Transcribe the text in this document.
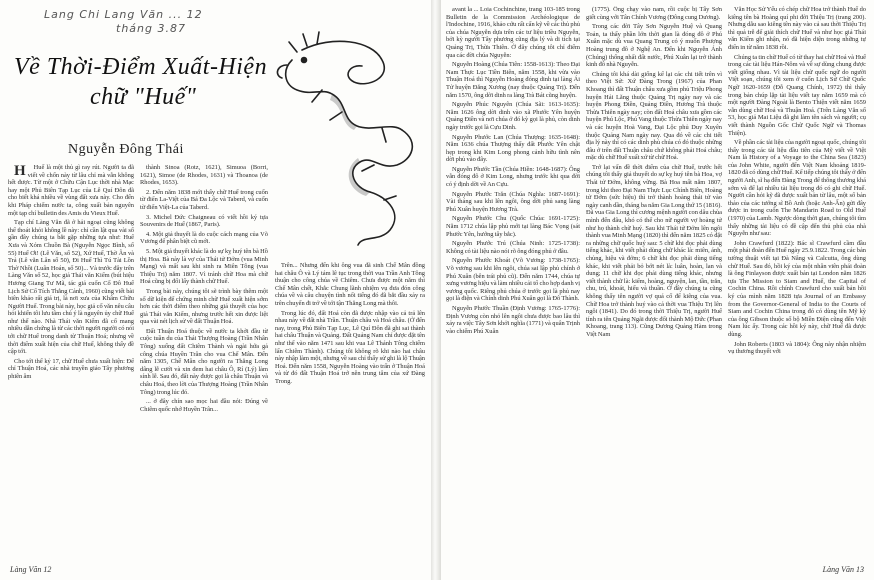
Lang Chi Lang Văn ... 12
tháng 3.87
Về Thời-Điểm Xuất-Hiện
chữ "Huế"
Nguyễn Đông Thái

H Huế là một thủ gì ray rút. Người ta đã viết về chốn này từ lâu chỉ mà vẫn không hết được. Từ một ở Chữu Cận Lục thời nhà Mạc hay một Phủ Biên Tạp Lục của Lê Quí Đôn đã cho biết khá nhiều về vùng đất xưa này. Cho đến khi Pháp chiếm nước ta, công xuất bản nguyên một tạp chí bulletin des Amis du Vieux Huế.

Tạp chí Làng Văn đã ở hải ngoại cũng không thể thoát khỏi không lề này: chỉ cần lật qua vài số gần đây chúng ta bắt gặp những tựa như: Huế Xưa và Xóm Chuồn Bà (Nguyễn Ngọc Bình, số 55) Huế Ơi! (Lê Văn, số 52), Xứ Huế, Thờ Ân và Trả (Lê văn Lân số 50), Đi Huế Thì Tú Tài Lồn Thờ Nhồi (Luân Hoán, số 50)... Và trước đây trên Làng Văn số 52, học giả Thái văn Kiểm (bút hiệu Hương Giang Tư Mã, tác giả cuốn Cố Đô Huế Lịch Sử Cổ Tích Thắng Cảnh, 1960) cũng viết bài biên khảo rất giá trị, là nơi xưa của Khâm Chữu Người Huế. Trong bài này, học giả cố văn nêu câu hỏi khiến tôi lưu tâm chú ý là nguyên ủy chữ Huế như thế nào. Nhà Thái văn Kiểm đã cố mang nhiều dẫn chứng là từ các thời người người có nói tới chữ Huế trong danh từ Thuận Hoá; nhưng về thời điểm xuất hiện của chữ Huế, không thấy đề cập tới.

Cho tới thế kỷ 17, chữ Huế chưa xuất hiện: Để chỉ Thuận Hoá, các nhà truyền giáo Tây phương phiên âm

thành Sinoa (Rotz, 1621), Simuoa (Borri, 1621), Simoe (de Rhodes, 1631) và Thoanoa (de Rhodes, 1653).

2. Đến năm 1838 mới thấy chữ Huế trong cuốn từ điển La-Việt của Bá Đa Lộc và Taberd, và cuốn từ điển Việt-La của Taberd.

3. Michel Đức Chaigneau có viết hồi ký tựa Souvenirs de Huế (1867, Paris).

4. Một giả thuyết là do cuộc cách mạng của Võ Vương để phân biệt cũ mới.

5. Một giả thuyết khác là do sự kỵ huý tên bà Hồ thị Hoa. Bà này là vợ của Thái tử Đởm (vua Minh Mạng) và mất sau khi sinh ra Miên Tông (vua Thiệu Trị) năm 1807. Vì tránh chữ Hoa mà chữ Hoá cũng bị đổi lấy thành chữ Huế.

Trong bài này, chúng tôi sẽ trình bày thêm một số dữ kiện để chứng minh chữ Huế xuất hiện sớm hơn các thời điểm theo những giả thuyết của học giả Thái văn Kiểm, nhưng trước hết xin được liệt qua vài nét lịch sử về đất Thuận Hoá.

Đất Thuận Hoá thuộc về nước ta khởi đầu từ cuộc tuần du của Thái Thượng Hoàng (Trần Nhân Tông) xuống đất Chiêm Thành và ngài hứa gả công chúa Huyền Trân cho vua Chế Mân. Đến năm 1305, Chế Mân cho người ra Thăng Long dâng lễ cưới và xin đem hai châu Ô, Rí (Lý) làm sính lễ. Sau đó, đất này được gọi là châu Thuận và châu Hoá, theo lời của Thượng Hoàng (Trần Nhân Tông) trong lúc đó.

... ở đây chín sao mọc hai đầu nói: Đúng về Chiêm quốc nhớ Huyền Trân...

Trên... Nhưng đến khi ông vua đã sinh Chế Mân đồng hai châu Ô và Lý tám lê tục trong thời vua Trần Anh Tông thuận cho công chúa về Chiêm. Chưa được một năm thì Chế Mân chết, Khắc Chung lãnh nhiệm vụ đưa đón công chúa về và câu chuyện tình nổi tiếng đó đã bắt đầu xảy ra trên chuyến đi trở về tới tận Thăng Long mà thôi.

Trong lúc đó, đất Hoá còn đã được nhập vào cả trả lên nhau này về đất nhà Trần. Thuận châu và Hoá châu. (Ở đến nay, trong Phủ Biên Tạp Lục, Lê Quí Đôn đã ghi sai thành hai châu Thuận và Quảng. Đất Quảng Nam chỉ được đặt tên như thế vào năm 1471 sau khi vua Lê Thánh Tông chiếm lấn Chiêm Thành). Chúng tôi không rõ khi nào hai châu này nhập làm một, nhưng về sau chỉ thấy sử ghi là lộ Thuận Hoá. Đến năm 1558, Nguyễn Hoàng vào trấn ở Thuận Hoá và từ đó đất Thuận Hoá trở nên trung tâm của xứ Đàng Trong.

Làng Văn 12

avant la ... Loia Cochinchine, trang 103-185 trong Bulletin de la Commission Archéologique de l'Indochine, 1916, khảo cứu rất cẩn kỹ về các thủ phủ của chúa Nguyễn dựa trên các tư liệu triều Nguyễn, bởi kỳ người Tây phương cũng địa lý và di tích tại Quảng Trị, Thừa Thiên. Ở đây chúng tôi chỉ điểm qua các đời chúa Nguyễn:

Nguyễn Hoàng (Chúa Tiên: 1558-1613): Theo Đại Nam Thực Lục Tiền Biên, năm 1558, khi vừa vào Thuận Hoá thì Nguyễn Hoàng đóng dinh tại làng Ái Tử huyện Đăng Xương (nay thuộc Quảng Trị). Đến năm 1570, ông dời dinh ra làng Trà Bát cũng huyện.

Nguyễn Phúc Nguyên (Chúa Sãi: 1613-1635): Năm 1626 ông dời dinh vào xã Phước Yên huyện Quảng Điền và nơi chúa ở đó kỳ gọi là phủ, còn dinh ngày trước gọi là Cựu Dinh.

Nguyễn Phước Lan (Chúa Thượng: 1635-1648): Năm 1636 chúa Thượng thấy đất Phước Yên chật hẹp trong khi Kim Long phong cảnh hữu tình nên dời phủ vào đây.

Nguyễn Phước Tần (Chúa Hiền: 1648-1687): Ông vẫn đóng đô ở Kim Long, nhưng trước khi qua đời có ý định dời về An Cựu.

Nguyễn Phước Trăn (Chúa Nghĩa: 1687-1691): Vài tháng sau khi lên ngôi, ông dời phủ sang làng Phú Xuân huyện Hương Trà.

Nguyễn Phước Chu (Quốc Chúa: 1691-1725): Năm 1712 chúa lập phủ mới tại làng Bác Vọng (sát Phước Yên, hướng tây bắc).

Nguyễn Phước Trú (Chúa Ninh: 1725-1738): Không có tài liệu nào nói rõ ông đóng phủ ở đâu.

Nguyễn Phước Khoát (Võ Vương: 1738-1765): Võ vương sau khi lên ngôi, chúa sai lập phủ chính ở Phú Xuân (bên trái phủ cũ). Đến năm 1744, chúa tự xưng vương hiệu và làm nhiều cải tổ cho hợp danh vị vương quốc. Riêng phủ chúa ở trước gọi là phủ nay gọi là điện và Chính dinh Phú Xuân gọi là Đô Thành.

Nguyễn Phước Thuần (Định Vương: 1765-1776): Định Vương còn nhỏ lên ngôi chưa được bao lâu thì xảy ra việc Tây Sơn khởi nghĩa (1771) và quân Trịnh vào chiếm Phú Xuân

(1775). Ông chạy vào nam, rồi cuộc bị Tây Sơn giết cùng với Tân Chính Vương (Đông cung Dương).

Trong các đời Tây Sơn Nguyễn Huệ và Quang Toản, ta thấy phần lớn thời gian là đóng đô ở Phú Xuân mặc dù vua Quang Trung có ý muốn Phượng Hoàng trung đô ở Nghệ An. Đến khi Nguyễn Ánh (Chúng) thống nhất đất nước, Phú Xuân lại trở thành kinh đô nhà Nguyễn.

Chúng tôi khá dài giống kể lại các chi tiết trên vì theo Việt Sử: Xứ Đàng Trong (1967) của Phan Khoang thì đất Thuận châu xưa gồm phủ Triệu Phong huyện Hải Lăng thuộc Quảng Trị ngày nay và các huyện Phong Điền, Quảng Điền, Hương Trà thuộc Thừa Thiên ngày nay; còn đất Hoá châu xưa gồm các huyện Phú Lộc, Phú Vang thuộc Thừa Thiên ngày nay và các huyện Hoà Vang, Đại Lộc phủ Duy Xuyên thuộc Quảng Nam ngày nay. Qua đó về các chi tiết địa lý này thì có các dinh phủ chúa có đó thuộc những đâu ở trên đất Thuận châu chứ không phải Hoá châu; mặc dù chữ Huế xuất xứ từ chữ Hoá.

Trở lại vấn đề thời điểm của chữ Huế, trước hết chúng tôi thấy giả thuyết do sự kỵ huý tên bà Hoa, vợ Thái tử Đởm, không vững. Bà Hoa mất năm 1807, trong khi theo Đại Nam Thực Lục Chính Biên, Hoàng tử Đởm (sức hiệu) thì trở thành hoàng thái tử vào ngày canh dần, tháng ba năm Gia Long thứ 15 (1816). Đã vua Gia Long thì cương mệnh người con dâu chùa mình đến đâu, khó có thể cho nữ người vợ hoàng tử như họ thành chữ huý. Sau khi Thái tử Đởm lên ngôi thành vua Minh Mạng (1820) thì đến năm 1825 có đặt ra những chữ quốc huý sau: 5 chữ khi đọc phải dùng tiếng khác, khi viết phải dùng chữ khác là: miên, ánh, chủng, hiệu và đởm; 6 chữ khi đọc phải dùng tiếng khác, khi viết phải bỏ bớt nét là: luân, hoàn, lan và dung; 11 chữ khi đọc phải dùng tiếng khác, nhưng viết thành chữ là: kiểm, hoàng, nguyện, lan, tần, trăn, chu, trú, khoát, hiếu và thuần. Ở đây chúng ta cũng không thấy tên người vợ quá cố để kiêng của vua. Chữ Hoa trở thành huý vào cả thời vua Thiệu Trị lên ngôi (1841). Do đó trong thời Thiệu Trị, người Huế tính ra tên Quảng Ngãi được đổi thành Mộ Đức (Phan Khoang, trang 113). Cũng Dương Quảng Hàm trong Việt Nam

Văn Học Sử Yếu có chép chữ Hoa trở thành Huế do kiêng tên bà Hoàng quí phi đời Thiệu Trị (trang 200). Nhưng dẫu sao kiêng tên này vào cả sau thời Thiệu Trị thì quả trễ để giải thích chữ Huế và như học giả Thái văn Kiểm ghi nhận, nó đã hiện diện trong những tự điển in từ năm 1838 rồi.

Chúng ta tin chữ Huế có từ thay hai chữ Hoá và Huế trong các tài liệu Hán-Nôm và về sự dùng chung được viết giống nhau. Vì tài liệu chữ quốc ngữ do người Việt soạn, chúng tôi xem ở cuốn Lịch Sử Chữ Quốc Ngữ 1620-1659 (Đỗ Quang Chính, 1972) thì thấy trong bản chúp lặp tài liệu viết tay năm 1659 mà có một người Đàng Ngoài là Bento Thiện viết năm 1659 vẫn dùng chữ Hoá và Thuận Hoá. (Trên Làng Văn số 53, học giả Mai Liệu đã ghi làm tên sách và người; cụ viết thành Nguồn Gốc Chữ Quốc Ngữ và Thomas Thiện).

Về phần các tài liệu của người ngoại quốc, chúng tôi thấy trong các tài liệu đầu tiên của Mỹ viết về Việt Nam là History of a Voyage to the China Sea (1823) của John White, người đến Việt Nam khoảng 1819-1820 đã có dùng chữ Huế. Kế tiếp chúng tôi thấy ở đến người Anh, sĩ hạ đến Đàng Trong để thông thương khá sớm và để lại nhiều tài liệu trong đó có ghi chữ Huế. Người cần hỏi kỹ đã được xuất bản từ lâu, một số bản thảo của các tướng sĩ Bồ Anh (hoặc Anh-Ấn) gửi đây được in trong cuốn The Mandarin Road to Old Huế (1970) của Lamb. Ngược dòng thời gian, chúng tôi tìm thấy những tài liệu có đề cập đến thủ phủ của nhà Nguyễn như sau:

John Crawfurd (1822): Bác sĩ Crawfurd cầm đầu một phái đoàn đến Huế ngày 25.9.1822. Trong các bản tường thuật viết tại Đà Nẵng và Calcutta, ông dùng chữ Huế. Sau đó, hồi ký của một nhân viên phái đoàn là ông Finlayson được xuất bản tại London năm 1826 tựa The Mission to Siam and Huế, the Capital of Cochin China. Rồi chính Crawfurd cho xuất bản hồi ký của mình năm 1828 tựa Journal of an Embassy from the Governor-General of India to the Courts of Siam and Cochin China trong đó có dùng tên Mỹ kỳ của ông Gibson thuộc số bộ Miền Điện cũng đến Việt Nam lúc ấy. Trong các hồi ký này, chữ Huế đã được dùng.

John Roberts (1803 và 1804): Ông này nhận nhiệm vụ thương thuyết với

Làng Văn 13
